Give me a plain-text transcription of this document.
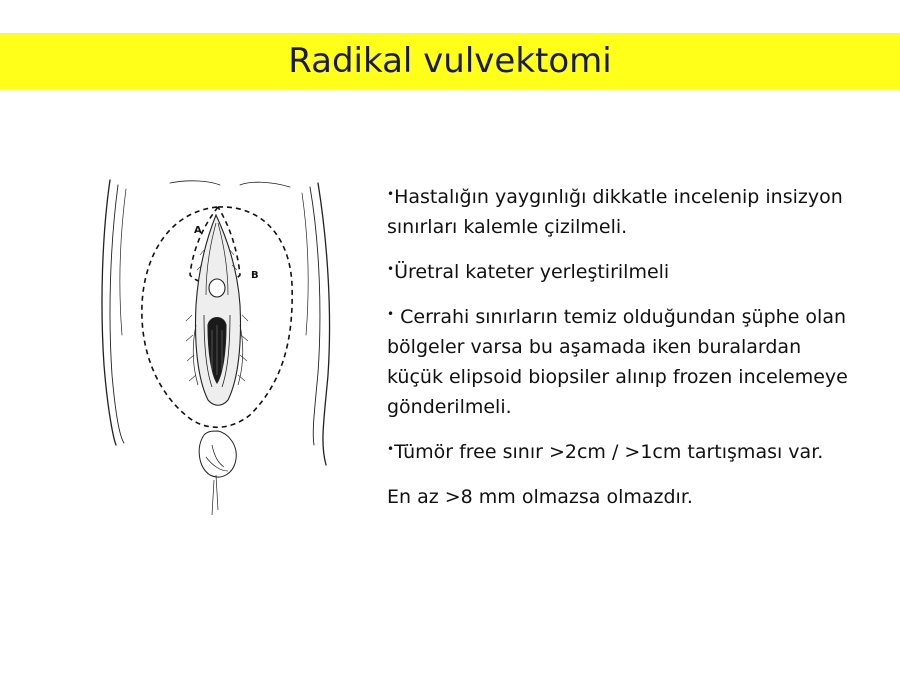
Radikal vulvektomi
A
B

•Hastalığın yaygınlığı dikkatle incelenip insizyon sınırları kalemle çizilmeli.

•Üretral kateter yerleştirilmeli

• Cerrahi sınırların temiz olduğundan şüphe olan bölgeler varsa bu aşamada iken buralardan küçük elipsoid biopsiler alınıp frozen incelemeye gönderilmeli.

•Tümör free sınır >2cm / >1cm tartışması var.

En az >8 mm olmazsa olmazdır.
